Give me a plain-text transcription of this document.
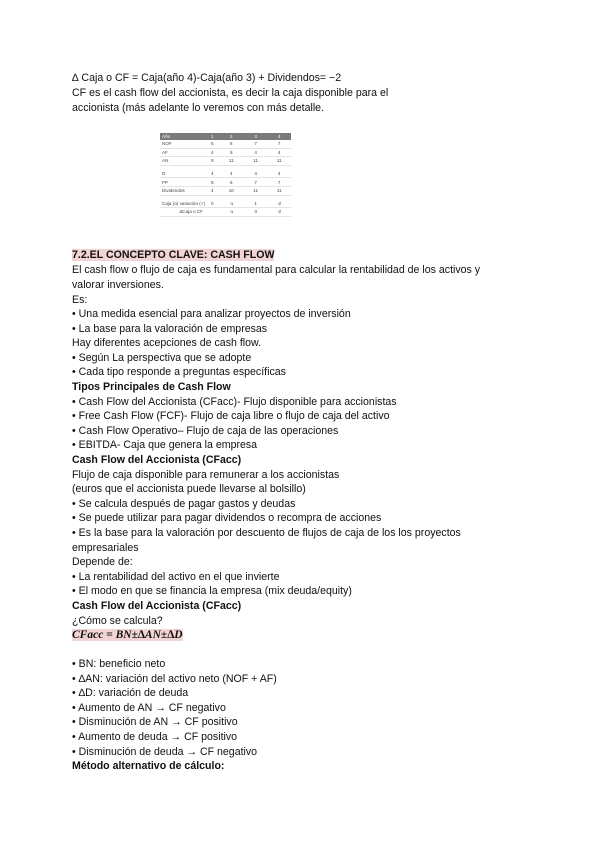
∆ Caja o CF = Caja(año 4)-Caja(año 3) + Dividendos= −2
CF es el cash flow del accionista, es decir la caja disponible para el
accionista (más adelante lo veremos con más detalle.
Año	1	2	3	4
NOF	5	6	7	7
AF	4	5	4	4
AN	9	11	11	11

D	4	4	4	4
FP	5	6	7	7
Dividendos	4	10	11	11

Caja (o) variación (+)	0	-1	1	-2
∆Caja o CF		-1	3	-2
7.2.EL CONCEPTO CLAVE: CASH FLOW
El cash flow o flujo de caja es fundamental para calcular la rentabilidad de los activos y
valorar inversiones.
Es:
• Una medida esencial para analizar proyectos de inversión
• La base para la valoración de empresas
Hay diferentes acepciones de cash flow.
• Según La perspectiva que se adopte
• Cada tipo responde a preguntas específicas
Tipos Principales de Cash Flow
• Cash Flow del Accionista (CFacc)- Flujo disponible para accionistas
• Free Cash Flow (FCF)- Flujo de caja libre o flujo de caja del activo
• Cash Flow Operativo– Flujo de caja de las operaciones
• EBITDA- Caja que genera la empresa
Cash Flow del Accionista (CFacc)
Flujo de caja disponible para remunerar a los accionistas
(euros que el accionista puede llevarse al bolsillo)
• Se calcula después de pagar gastos y deudas
• Se puede utilizar para pagar dividendos o recompra de acciones
• Es la base para la valoración por descuento de flujos de caja de los los proyectos
empresariales
Depende de:
• La rentabilidad del activo en el que invierte
• El modo en que se financia la empresa (mix deuda/equity)
Cash Flow del Accionista (CFacc)
¿Cómo se calcula?
CFacc = BN±∆AN±∆D
• BN: beneficio neto
• ∆AN: variación del activo neto (NOF + AF)
• ∆D: variación de deuda
• Aumento de AN → CF negativo
• Disminución de AN → CF positivo
• Aumento de deuda → CF positivo
• Disminución de deuda → CF negativo
Método alternativo de cálculo:
